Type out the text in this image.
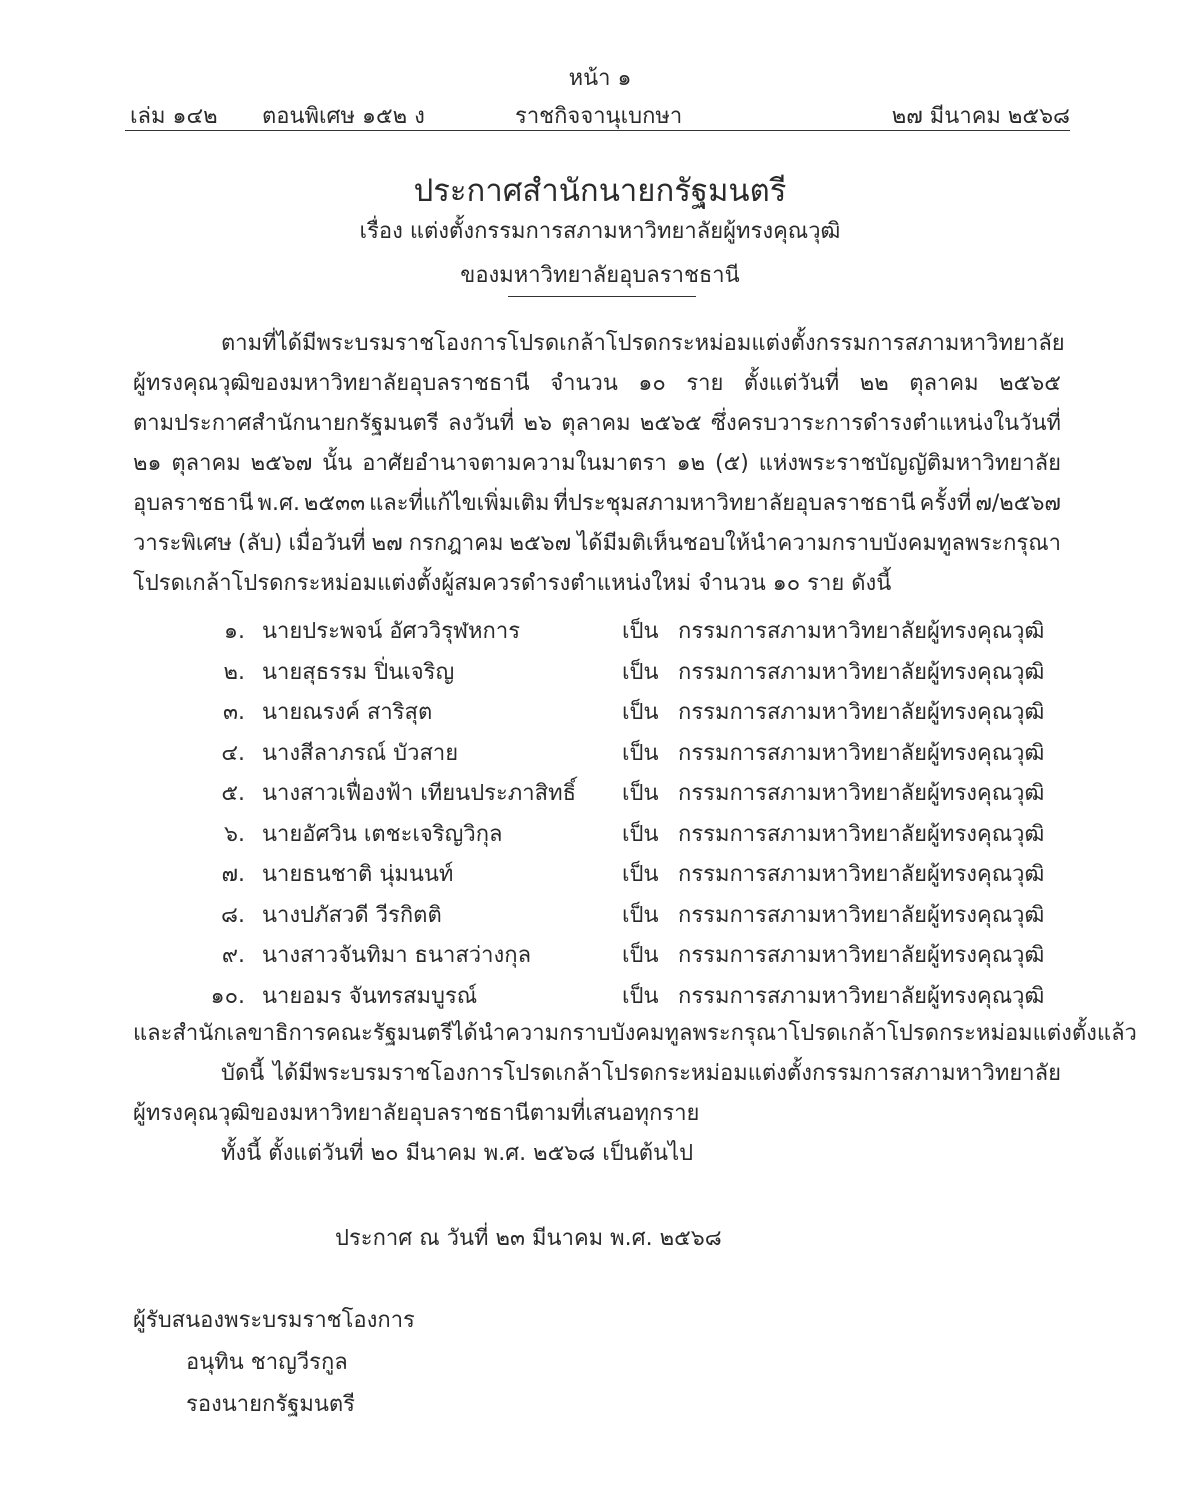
หน้า ๑
เล่ม ๑๔๒ ตอนพิเศษ ๑๕๒ ง	ราชกิจจานุเบกษา	๒๗ มีนาคม ๒๕๖๘
ประกาศสำนักนายกรัฐมนตรี
เรื่อง แต่งตั้งกรรมการสภามหาวิทยาลัยผู้ทรงคุณวุฒิ
ของมหาวิทยาลัยอุบลราชธานี
ตามที่ได้มีพระบรมราชโองการโปรดเกล้าโปรดกระหม่อมแต่งตั้งกรรมการสภามหาวิทยาลัย
ผู้ทรงคุณวุฒิของมหาวิทยาลัยอุบลราชธานี จำนวน ๑๐ ราย ตั้งแต่วันที่ ๒๒ ตุลาคม ๒๕๖๕
ตามประกาศสำนักนายกรัฐมนตรี ลงวันที่ ๒๖ ตุลาคม ๒๕๖๕ ซึ่งครบวาระการดำรงตำแหน่งในวันที่
๒๑ ตุลาคม ๒๕๖๗ นั้น อาศัยอำนาจตามความในมาตรา ๑๒ (๕) แห่งพระราชบัญญัติมหาวิทยาลัย
อุบลราชธานี พ.ศ. ๒๕๓๓ และที่แก้ไขเพิ่มเติม ที่ประชุมสภามหาวิทยาลัยอุบลราชธานี ครั้งที่ ๗/๒๕๖๗
วาระพิเศษ (ลับ) เมื่อวันที่ ๒๗ กรกฎาคม ๒๕๖๗ ได้มีมติเห็นชอบให้นำความกราบบังคมทูลพระกรุณา
โปรดเกล้าโปรดกระหม่อมแต่งตั้งผู้สมควรดำรงตำแหน่งใหม่ จำนวน ๑๐ ราย ดังนี้
๑. นายประพจน์ อัศววิรุฬหการ	เป็น กรรมการสภามหาวิทยาลัยผู้ทรงคุณวุฒิ
๒. นายสุธรรม ปิ่นเจริญ	เป็น กรรมการสภามหาวิทยาลัยผู้ทรงคุณวุฒิ
๓. นายณรงค์ สาริสุต	เป็น กรรมการสภามหาวิทยาลัยผู้ทรงคุณวุฒิ
๔. นางสีลาภรณ์ บัวสาย	เป็น กรรมการสภามหาวิทยาลัยผู้ทรงคุณวุฒิ
๕. นางสาวเฟื่องฟ้า เทียนประภาสิทธิ์ เป็น กรรมการสภามหาวิทยาลัยผู้ทรงคุณวุฒิ
๖. นายอัศวิน เตชะเจริญวิกุล	เป็น กรรมการสภามหาวิทยาลัยผู้ทรงคุณวุฒิ
๗. นายธนชาติ นุ่มนนท์	เป็น กรรมการสภามหาวิทยาลัยผู้ทรงคุณวุฒิ
๘. นางปภัสวดี วีรกิตติ	เป็น กรรมการสภามหาวิทยาลัยผู้ทรงคุณวุฒิ
๙. นางสาวจันทิมา ธนาสว่างกุล	เป็น กรรมการสภามหาวิทยาลัยผู้ทรงคุณวุฒิ
๑๐. นายอมร จันทรสมบูรณ์	เป็น กรรมการสภามหาวิทยาลัยผู้ทรงคุณวุฒิ
และสำนักเลขาธิการคณะรัฐมนตรีได้นำความกราบบังคมทูลพระกรุณาโปรดเกล้าโปรดกระหม่อมแต่งตั้งแล้ว
บัดนี้ ได้มีพระบรมราชโองการโปรดเกล้าโปรดกระหม่อมแต่งตั้งกรรมการสภามหาวิทยาลัย
ผู้ทรงคุณวุฒิของมหาวิทยาลัยอุบลราชธานีตามที่เสนอทุกราย
ทั้งนี้ ตั้งแต่วันที่ ๒๐ มีนาคม พ.ศ. ๒๕๖๘ เป็นต้นไป
ประกาศ ณ วันที่ ๒๓ มีนาคม พ.ศ. ๒๕๖๘
ผู้รับสนองพระบรมราชโองการ
อนุทิน ชาญวีรกูล
รองนายกรัฐมนตรี
